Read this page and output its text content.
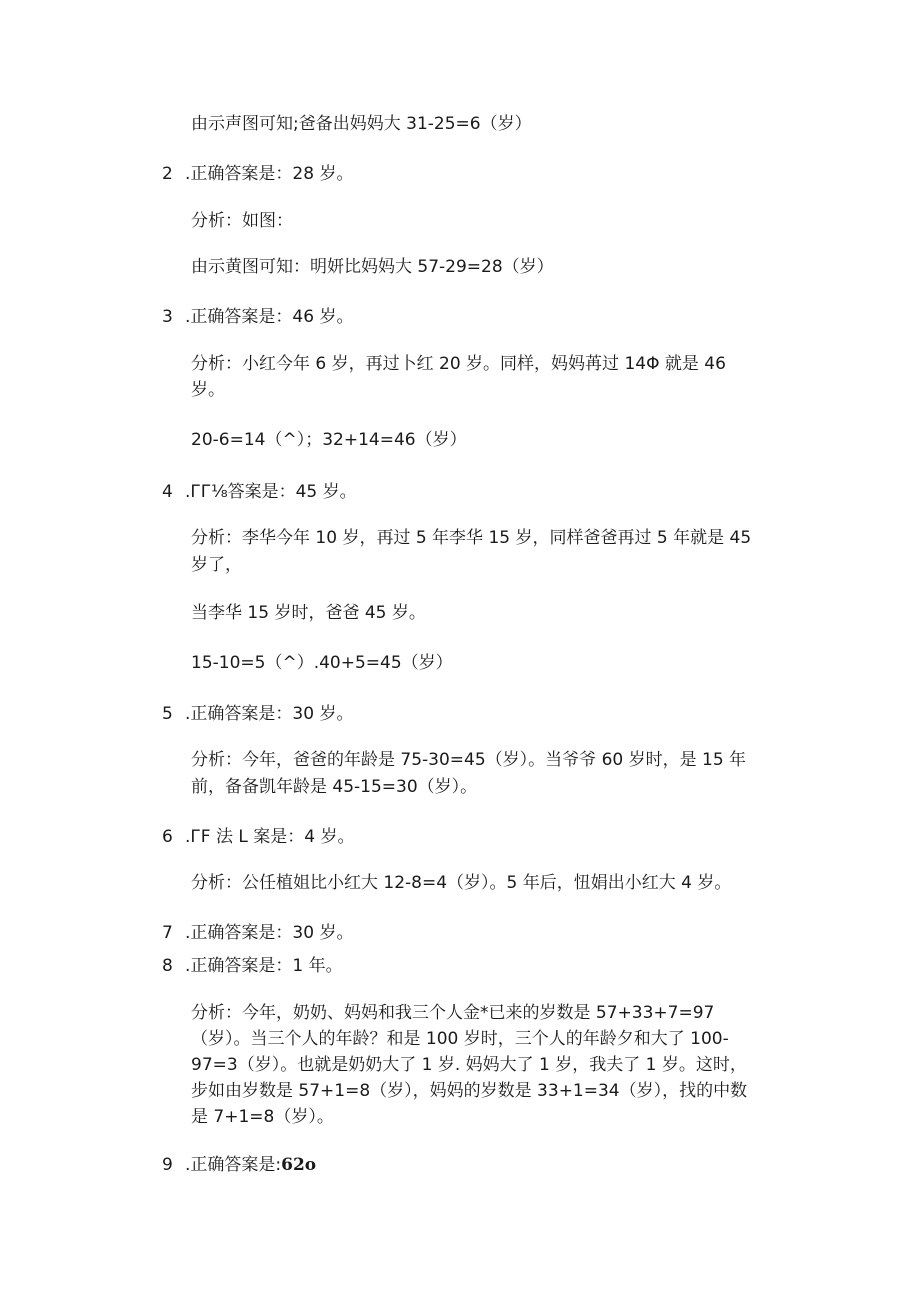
由示声图可知;爸备出妈妈大 31-25=6（岁）
2 .正确答案是：28 岁。
分析：如图：
由示黄图可知：明妍比妈妈大 57-29=28（岁）
3 .正确答案是：46 岁。
分析：小红今年 6 岁，再过卜红 20 岁。同样，妈妈苒过 14Φ 就是 46
岁。
20-6=14（^）；32+14=46（岁）
4 .ГГ⅛答案是：45 岁。
分析：李华今年 10 岁，再过 5 年李华 15 岁，同样爸爸再过 5 年就是 45
岁了，
当李华 15 岁时，爸爸 45 岁。
15-10=5（^）.40+5=45（岁）
5 .正确答案是：30 岁。
分析：今年，爸爸的年龄是 75-30=45（岁）。当爷爷 60 岁时，是 15 年
前，备备凯年龄是 45-15=30（岁）。
6 .ГF 法 L 案是：4 岁。
分析：公任植姐比小红大 12-8=4（岁）。5 年后，忸娟出小红大 4 岁。
7 .正确答案是：30 岁。
8 .正确答案是：1 年。
分析：今年，奶奶、妈妈和我三个人金*已来的岁数是 57+33+7=97
（岁）。当三个人的年龄？和是 100 岁时，三个人的年龄夕和大了 100-
97=3（岁）。也就是奶奶大了 1 岁. 妈妈大了 1 岁，我夫了 1 岁。这时，
步如由岁数是 57+1=8（岁），妈妈的岁数是 33+1=34（岁），找的中数
是 7+1=8（岁）。
9 .正确答案是:62o
